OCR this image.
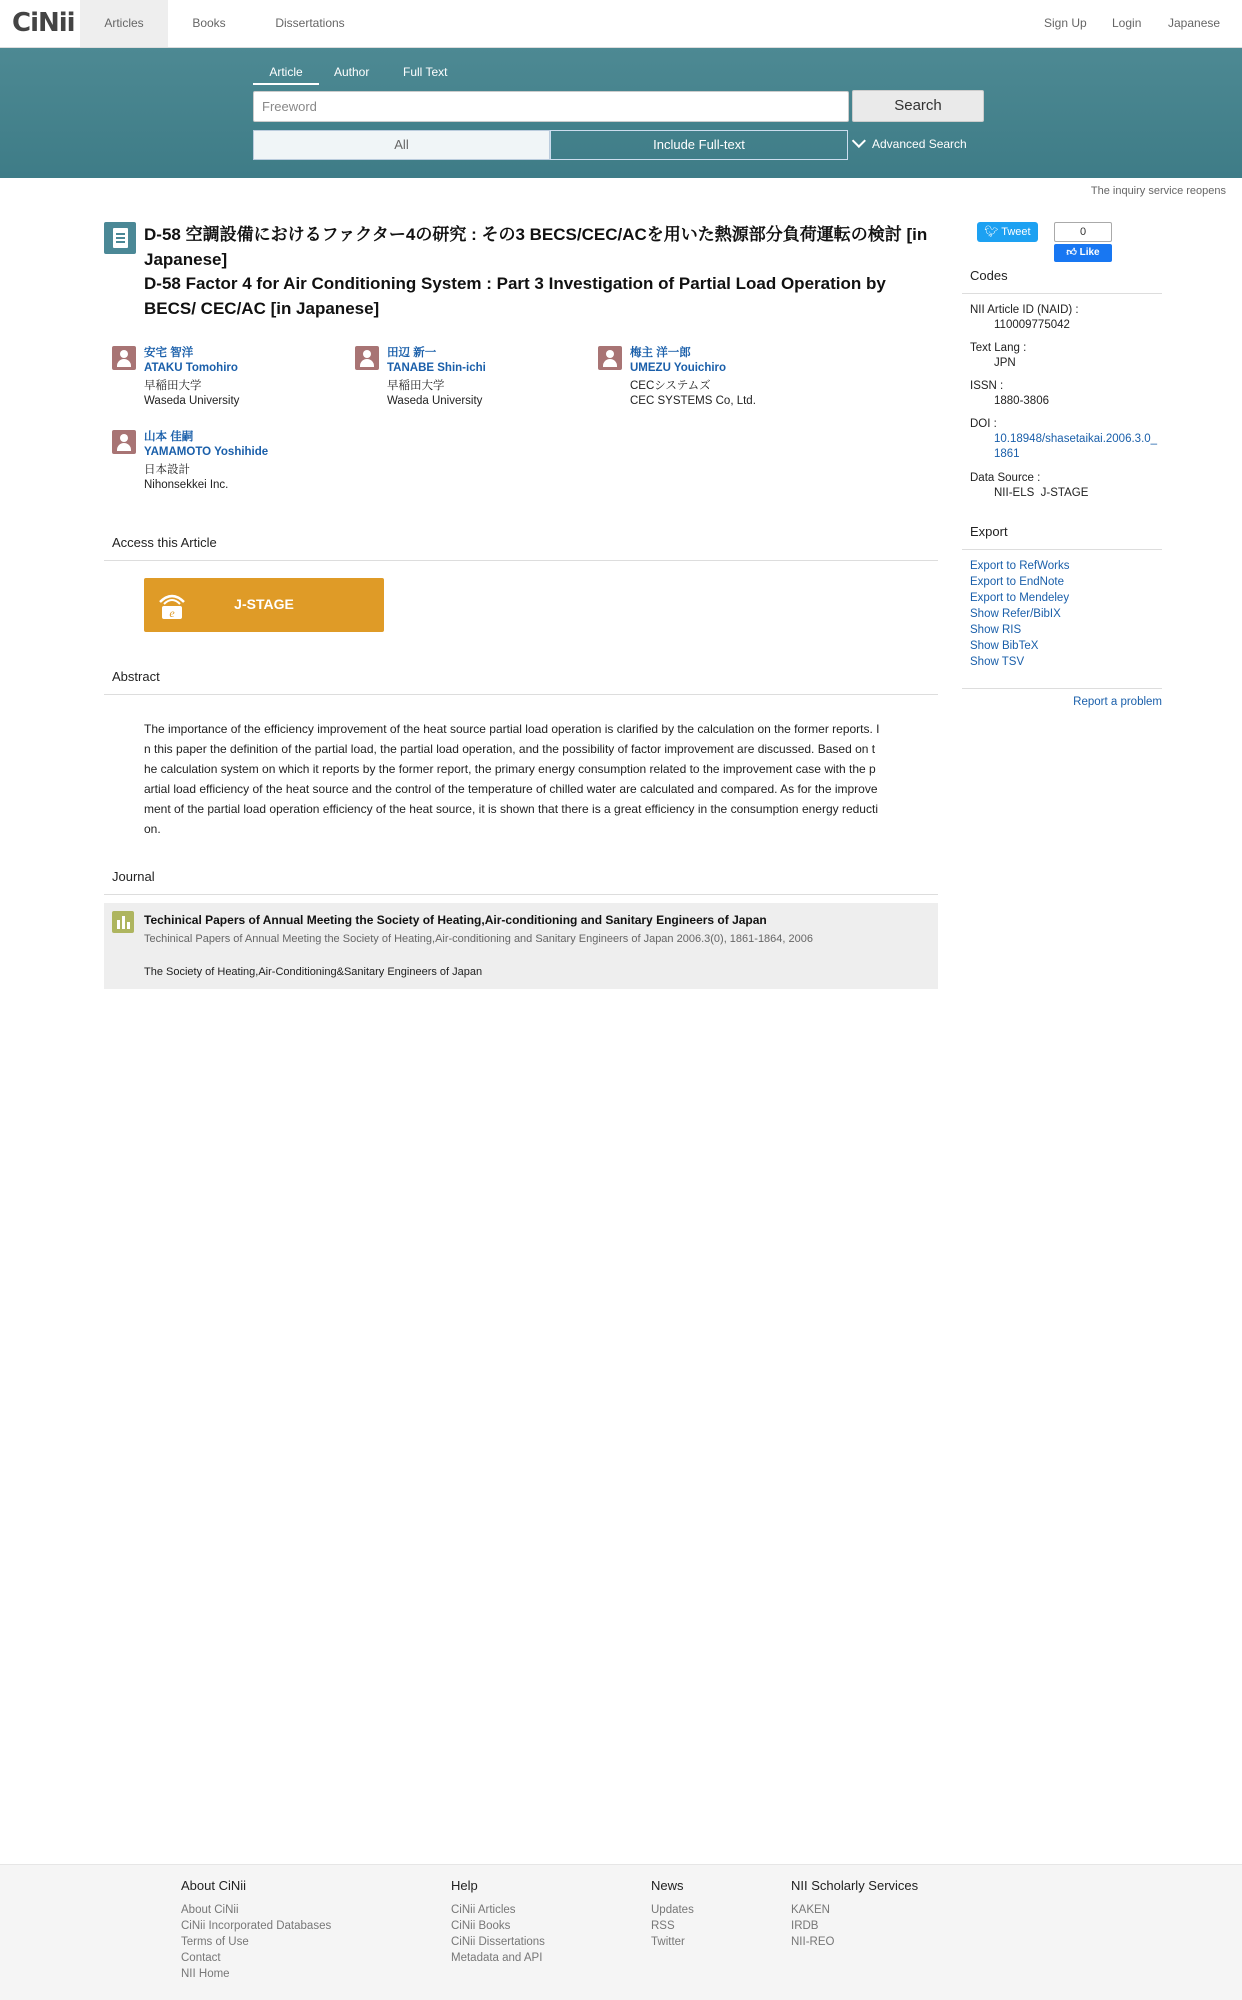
CiNii	Articles	Books	Dissertations	Sign Up Login Japanese
Article	Author	Full Text
Freeword	Search
All	Include Full-text	Advanced Search
The inquiry service reopens
D-58 空調設備におけるファクター4の研究 : その3 BECS/CEC/ACを用いた熱源部分負荷運転の検討 [in Japanese]
D-58 Factor 4 for Air Conditioning System : Part 3 Investigation of Partial Load Operation by BECS/ CEC/AC [in Japanese]
安宅 智洋
ATAKU Tomohiro
早稲田大学
Waseda University
田辺 新一
TANABE Shin-ichi
早稲田大学
Waseda University
梅主 洋一郎
UMEZU Youichiro
CECシステムズ
CEC SYSTEMS Co, Ltd.
山本 佳嗣
YAMAMOTO Yoshihide
日本設計
Nihonsekkei Inc.
Access this Article
e
J-STAGE
Abstract
The importance of the efficiency improvement of the heat source partial load operation is clarified by the calculation on the former reports. In this paper the definition of the partial load, the partial load operation, and the possibility of factor improvement are discussed. Based on the calculation system on which it reports by the former report, the primary energy consumption related to the improvement case with the partial load efficiency of the heat source and the control of the temperature of chilled water are calculated and compared. As for the improvement of the partial load operation efficiency of the heat source, it is shown that there is a great efficiency in the consumption energy reduction.
Journal
Techinical Papers of Annual Meeting the Society of Heating,Air-conditioning and Sanitary Engineers of Japan
Techinical Papers of Annual Meeting the Society of Heating,Air-conditioning and Sanitary Engineers of Japan 2006.3(0), 1861-1864, 2006
The Society of Heating,Air-Conditioning&Sanitary Engineers of Japan
🐦︎ Tweet	0
👍︎ Like
Codes
NII Article ID (NAID) :
110009775042
Text Lang :
JPN
ISSN :
1880-3806
DOI :
10.18948/shasetaikai.2006.3.0_1861
Data Source :
NII-ELS  J-STAGE
Export
Export to RefWorks
Export to EndNote
Export to Mendeley
Show Refer/BibIX
Show RIS
Show BibTeX
Show TSV
Report a problem
About CiNii
About CiNii
CiNii Incorporated Databases
Terms of Use
Contact
NII Home
Help
CiNii Articles
CiNii Books
CiNii Dissertations
Metadata and API
News
Updates
RSS
Twitter
NII Scholarly Services
KAKEN
IRDB
NII-REO
